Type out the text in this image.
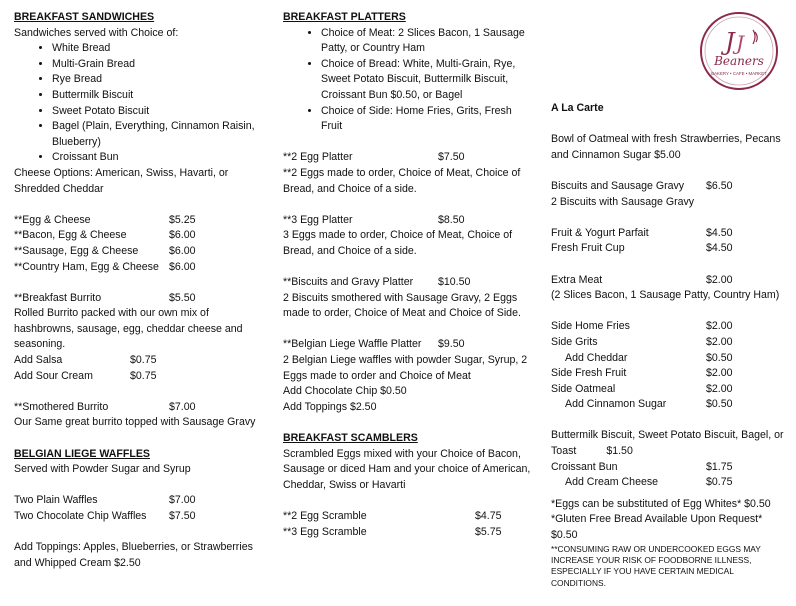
BREAKFAST SANDWICHES

Sandwiches served with Choice of:

• White Bread
• Multi-Grain Bread
• Rye Bread
• Buttermilk Biscuit
• Sweet Potato Biscuit
• Bagel (Plain, Everything, Cinnamon Raisin, Blueberry)
• Croissant Bun

Cheese Options: American, Swiss, Havarti, or Shredded Cheddar

**Egg & Cheese	$5.25
**Bacon, Egg & Cheese	$6.00
**Sausage, Egg & Cheese	$6.00
**Country Ham, Egg & Cheese $6.00
**Breakfast Burrito	$5.50

Rolled Burrito packed with our own mix of hashbrowns, sausage, egg, cheddar cheese and seasoning.

Add Salsa	$0.75
Add Sour Cream	$0.75
**Smothered Burrito	$7.00

Our Same great burrito topped with Sausage Gravy

BELGIAN LIEGE WAFFLES

Served with Powder Sugar and Syrup

Two Plain Waffles	$7.00
Two Chocolate Chip Waffles	$7.50

Add Toppings: Apples, Blueberries, or Strawberries and Whipped Cream $2.50

BREAKFAST PLATTERS
• Choice of Meat: 2 Slices Bacon, 1 Sausage Patty, or Country Ham
• Choice of Bread: White, Multi-Grain, Rye, Sweet Potato Biscuit, Buttermilk Biscuit, Croissant Bun $0.50, or Bagel
• Choice of Side: Home Fries, Grits, Fresh Fruit
**2 Egg Platter	$7.50

**2 Eggs made to order, Choice of Meat, Choice of Bread, and Choice of a side.

**3 Egg Platter	$8.50

3 Eggs made to order, Choice of Meat, Choice of Bread, and Choice of a side.

**Biscuits and Gravy Platter	$10.50

2 Biscuits smothered with Sausage Gravy, 2 Eggs made to order, Choice of Meat and Choice of Side.

**Belgian Liege Waffle Platter	$9.50

2 Belgian Liege waffles with powder Sugar, Syrup, 2 Eggs made to order and Choice of Meat

Add Chocolate Chip $0.50

Add Toppings $2.50

BREAKFAST SCAMBLERS

Scrambled Eggs mixed with your Choice of Bacon, Sausage or diced Ham and your choice of American, Cheddar, Swiss or Havarti

**2 Egg Scramble	$4.75
**3 Egg Scramble	$5.75
J J
Beaners
BAKERY • CAFE • MARKET

A La Carte

Bowl of Oatmeal with fresh Strawberries, Pecans and Cinnamon Sugar $5.00

Biscuits and Sausage Gravy	$6.50

2 Biscuits with Sausage Gravy

Fruit & Yogurt Parfait	$4.50
Fresh Fruit Cup	$4.50
Extra Meat	$2.00

(2 Slices Bacon, 1 Sausage Patty, Country Ham)

Side Home Fries	$2.00
Side Grits	$2.00
Add Cheddar	$0.50
Side Fresh Fruit	$2.00
Side Oatmeal	$2.00
Add Cinnamon Sugar	$0.50

Buttermilk Biscuit, Sweet Potato Biscuit, Bagel, or Toast	$1.50

Croissant Bun	$1.75
Add Cream Cheese	$0.75

*Eggs can be substituted of Egg Whites* $0.50

*Gluten Free Bread Available Upon Request* $0.50

**CONSUMING RAW OR UNDERCOOKED EGGS MAY INCREASE YOUR RISK OF FOODBORNE ILLNESS, ESPECIALLY IF YOU HAVE CERTAIN MEDICAL CONDITIONS.
